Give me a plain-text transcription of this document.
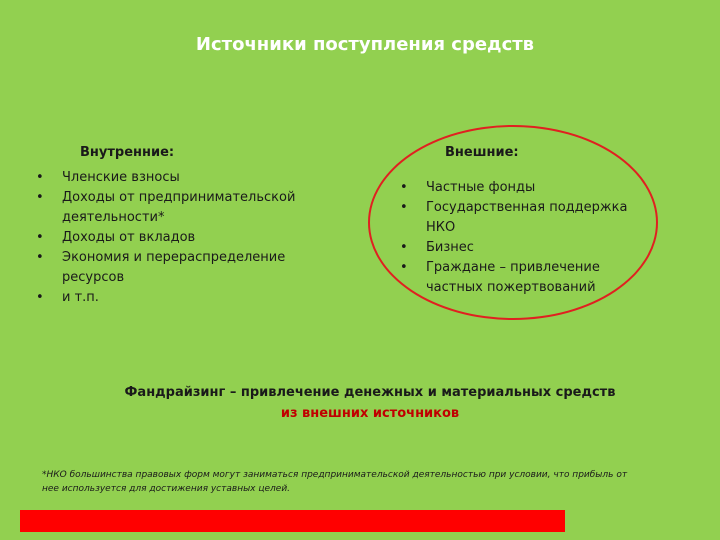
Источники поступления средств
Внутренние:
•	Членские взносы
•	Доходы от предпринимательской деятельности*
•	Доходы от вкладов
•	Экономия и перераспределение ресурсов
•	и т.п.
Внешние:
•	Частные фонды
•	Государственная поддержка НКО
•	Бизнес
•	Граждане – привлечение частных пожертвований
Фандрайзинг – привлечение денежных и материальных средств
из внешних источников
*НКО большинства правовых форм могут заниматься предпринимательской деятельностью при условии, что прибыль от нее используется для достижения уставных целей.
